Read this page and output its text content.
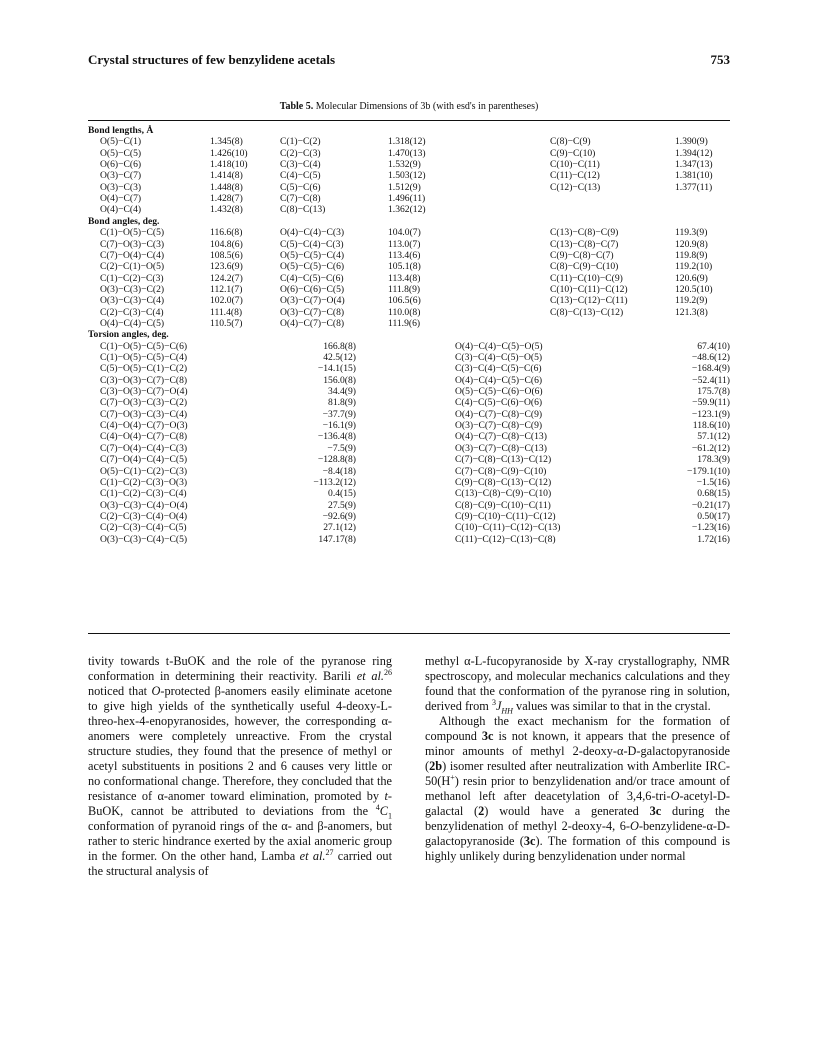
Crystal structures of few benzylidene acetals	753
Table 5. Molecular Dimensions of 3b (with esd's in parentheses)
Bond lengths, Å
O(5)−C(1)	1.345(8)	C(1)−C(2)	1.318(12)	C(8)−C(9)	1.390(9)
O(5)−C(5)	1.426(10)	C(2)−C(3)	1.470(13)	C(9)−C(10)	1.394(12)
O(6)−C(6)	1.418(10)	C(3)−C(4)	1.532(9)	C(10)−C(11)	1.347(13)
O(3)−C(7)	1.414(8)	C(4)−C(5)	1.503(12)	C(11)−C(12)	1.381(10)
O(3)−C(3)	1.448(8)	C(5)−C(6)	1.512(9)	C(12)−C(13)	1.377(11)
O(4)−C(7)	1.428(7)	C(7)−C(8)	1.496(11)
O(4)−C(4)	1.432(8)	C(8)−C(13)	1.362(12)
Bond angles, deg.
C(1)−O(5)−C(5)	116.6(8)	O(4)−C(4)−C(3)	104.0(7)	C(13)−C(8)−C(9)	119.3(9)
C(7)−O(3)−C(3)	104.8(6)	C(5)−C(4)−C(3)	113.0(7)	C(13)−C(8)−C(7)	120.9(8)
C(7)−O(4)−C(4)	108.5(6)	O(5)−C(5)−C(4)	113.4(6)	C(9)−C(8)−C(7)	119.8(9)
C(2)−C(1)−O(5)	123.6(9)	O(5)−C(5)−C(6)	105.1(8)	C(8)−C(9)−C(10)	119.2(10)
C(1)−C(2)−C(3)	124.2(7)	C(4)−C(5)−C(6)	113.4(8)	C(11)−C(10)−C(9)	120.6(9)
O(3)−C(3)−C(2)	112.1(7)	O(6)−C(6)−C(5)	111.8(9)	C(10)−C(11)−C(12)	120.5(10)
O(3)−C(3)−C(4)	102.0(7)	O(3)−C(7)−O(4)	106.5(6)	C(13)−C(12)−C(11)	119.2(9)
C(2)−C(3)−C(4)	111.4(8)	O(3)−C(7)−C(8)	110.0(8)	C(8)−C(13)−C(12)	121.3(8)
O(4)−C(4)−C(5)	110.5(7)	O(4)−C(7)−C(8)	111.9(6)
Torsion angles, deg.
C(1)−O(5)−C(5)−C(6)	166.8(8)	O(4)−C(4)−C(5)−O(5)	67.4(10)
C(1)−O(5)−C(5)−C(4)	42.5(12)	C(3)−C(4)−C(5)−O(5)	−48.6(12)
C(5)−O(5)−C(1)−C(2)	−14.1(15)	C(3)−C(4)−C(5)−C(6)	−168.4(9)
C(3)−O(3)−C(7)−C(8)	156.0(8)	O(4)−C(4)−C(5)−C(6)	−52.4(11)
C(3)−O(3)−C(7)−O(4)	34.4(9)	O(5)−C(5)−C(6)−O(6)	175.7(8)
C(7)−O(3)−C(3)−C(2)	81.8(9)	C(4)−C(5)−C(6)−O(6)	−59.9(11)
C(7)−O(3)−C(3)−C(4)	−37.7(9)	O(4)−C(7)−C(8)−C(9)	−123.1(9)
C(4)−O(4)−C(7)−O(3)	−16.1(9)	O(3)−C(7)−C(8)−C(9)	118.6(10)
C(4)−O(4)−C(7)−C(8)	−136.4(8)	O(4)−C(7)−C(8)−C(13)	57.1(12)
C(7)−O(4)−C(4)−C(3)	−7.5(9)	O(3)−C(7)−C(8)−C(13)	−61.2(12)
C(7)−O(4)−C(4)−C(5)	−128.8(8)	C(7)−C(8)−C(13)−C(12)	178.3(9)
O(5)−C(1)−C(2)−C(3)	−8.4(18)	C(7)−C(8)−C(9)−C(10)	−179.1(10)
C(1)−C(2)−C(3)−O(3)	−113.2(12)	C(9)−C(8)−C(13)−C(12)	−1.5(16)
C(1)−C(2)−C(3)−C(4)	0.4(15)	C(13)−C(8)−C(9)−C(10)	0.68(15)
O(3)−C(3)−C(4)−O(4)	27.5(9)	C(8)−C(9)−C(10)−C(11)	−0.21(17)
C(2)−C(3)−C(4)−O(4)	−92.6(9)	C(9)−C(10)−C(11)−C(12)	0.50(17)
C(2)−C(3)−C(4)−C(5)	27.1(12)	C(10)−C(11)−C(12)−C(13)	−1.23(16)
O(3)−C(3)−C(4)−C(5)	147.17(8)	C(11)−C(12)−C(13)−C(8)	1.72(16)

tivity towards t-BuOK and the role of the pyranose ring conformation in determining their reactivity. Barili et al.$^{26}$ noticed that O-protected β-anomers easily eliminate acetone to give high yields of the synthetically useful 4-deoxy-L-threo-hex-4-enopyranosides, however, the corresponding α-anomers were completely unreactive. From the crystal structure studies, they found that the presence of methyl or acetyl substituents in positions 2 and 6 causes very little or no conformational change. Therefore, they concluded that the resistance of α-anomer toward elimination, promoted by t-BuOK, cannot be attributed to deviations from the $^4C_1$ conformation of pyranoid rings of the α- and β-anomers, but rather to steric hindrance exerted by the axial anomeric group in the former. On the other hand, Lamba et al.$^{27}$ carried out the structural analysis of

methyl α-L-fucopyranoside by X-ray crystallography, NMR spectroscopy, and molecular mechanics calculations and they found that the conformation of the pyranose ring in solution, derived from $^3J_{HH}$ values was similar to that in the crystal.

Although the exact mechanism for the formation of compound 3c is not known, it appears that the presence of minor amounts of methyl 2-deoxy-α-D-galactopyranoside (2b) isomer resulted after neutralization with Amberlite IRC-50(H+) resin prior to benzylidenation and/or trace amount of methanol left after deacetylation of 3,4,6-tri-O-acetyl-D-galactal (2) would have a generated 3c during the benzylidenation of methyl 2-deoxy-4, 6-O-benzylidene-α-D-galactopyranoside (3c). The formation of this compound is highly unlikely during benzylidenation under normal
